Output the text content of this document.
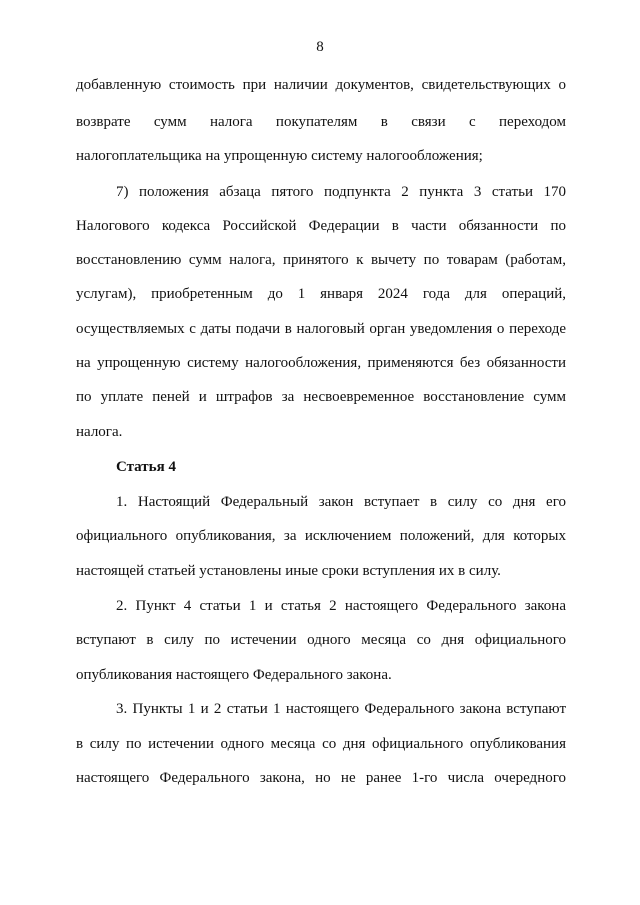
8
добавленную стоимость при наличии документов, свидетельствующих о
возврате сумм налога покупателям в связи с переходом
налогоплательщика на упрощенную систему налогообложения;
7) положения абзаца пятого подпункта 2 пункта 3 статьи 170
Налогового кодекса Российской Федерации в части обязанности по
восстановлению сумм налога, принятого к вычету по товарам (работам,
услугам), приобретенным до 1 января 2024 года для операций,
осуществляемых с даты подачи в налоговый орган уведомления о переходе
на упрощенную систему налогообложения, применяются без обязанности
по уплате пеней и штрафов за несвоевременное восстановление сумм
налога.
Статья 4
1. Настоящий Федеральный закон вступает в силу со дня его
официального опубликования, за исключением положений, для которых
настоящей статьей установлены иные сроки вступления их в силу.
2. Пункт 4 статьи 1 и статья 2 настоящего Федерального закона
вступают в силу по истечении одного месяца со дня официального
опубликования настоящего Федерального закона.
3. Пункты 1 и 2 статьи 1 настоящего Федерального закона вступают
в силу по истечении одного месяца со дня официального опубликования
настоящего Федерального закона, но не ранее 1-го числа очередного
